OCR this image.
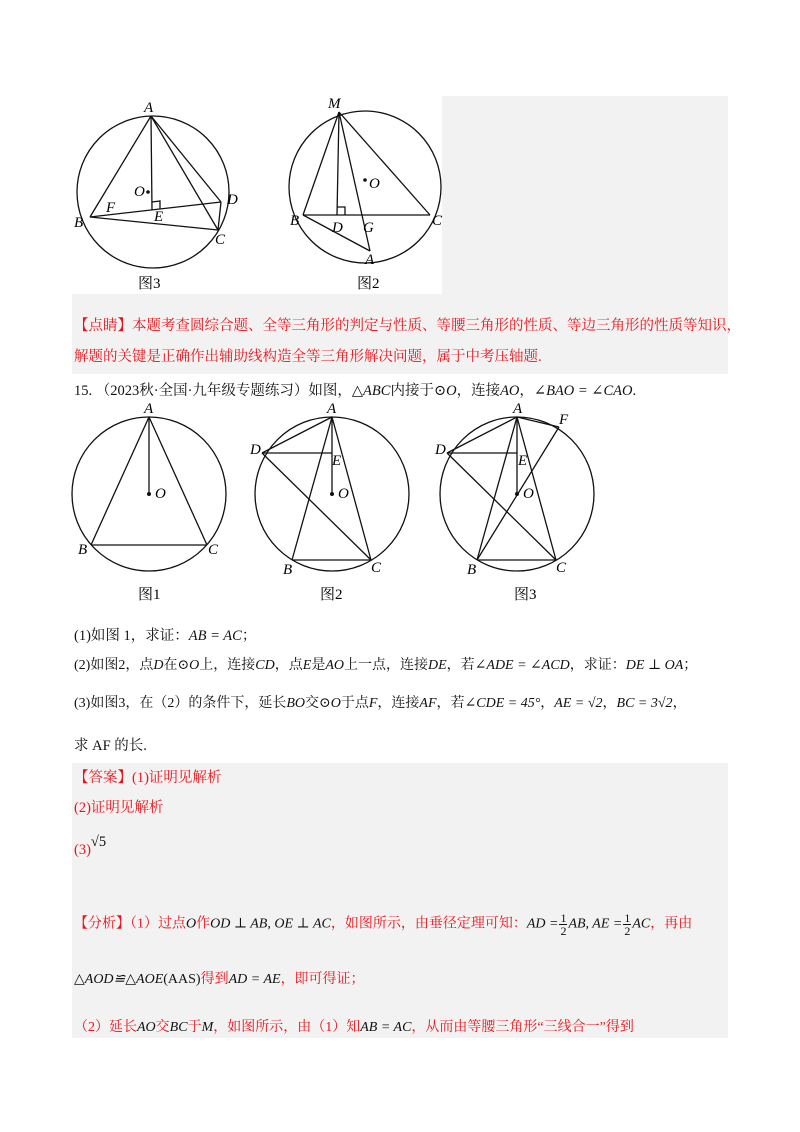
A
O
F
E
B
D
C
图3
M
O
B D G	C
A
图2
【点睛】本题考查圆综合题、全等三角形的判定与性质、等腰三角形的性质、等边三角形的性质等知识，
解题的关键是正确作出辅助线构造全等三角形解决问题，属于中考压轴题.
15. （2023秋·全国·九年级专题练习）如图，△ABC内接于⊙O，连接AO，∠BAO = ∠CAO.
A
O
B	C
图1
A
D
E
O
B	C
图2
A
F
D
E
O
B	C
图3
(1)如图 1，求证：AB = AC；
(2)如图2，点D在⊙O上，连接CD，点E是AO上一点，连接DE，若∠ADE = ∠ACD，求证：DE ⊥ OA；
(3)如图3，在（2）的条件下，延长BO交⊙O于点F，连接AF，若∠CDE = 45°，AE = √2，BC = 3√2，
求 AF 的长.
【答案】(1)证明见解析
(2)证明见解析
(3)√5
【分析】（1）过点O作OD ⊥ AB, OE ⊥ AC，如图所示，由垂径定理可知：AD = $\frac{1}{2}$ AB, AE = $\frac{1}{2}$ AC，再由
△AOD≌△AOE(AAS)得到AD = AE，即可得证；
（2）延长AO交BC于M，如图所示，由（1）知AB = AC，从而由等腰三角形“三线合一”得到
